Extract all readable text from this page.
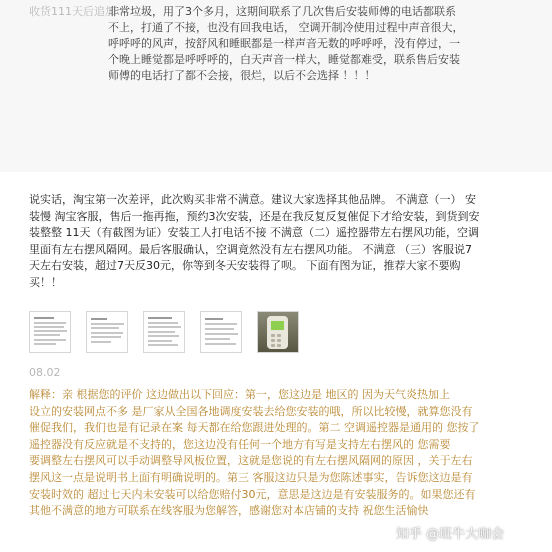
收货111天后追加：
非常垃圾，用了3个多月，这期间联系了几次售后安装师傅的电话都联系
不上，打通了不接，也没有回我电话， 空调开制冷使用过程中声音很大，
呼呼呼的风声，按舒风和睡眠都是一样声音无数的呼呼呼，没有停过，一
个晚上睡觉都是呼呼呼的，白天声音一样大，睡觉都难受，联系售后安装
师傅的电话打了都不会接，很烂，以后不会选择 ！！！
说实话，淘宝第一次差评，此次购买非常不满意。建议大家选择其他品牌。 不满意（一） 安
装慢 淘宝客服，售后一拖再拖，预约3次安装，还是在我反复反复催促下才给安装，到货到安
装整整 11天（有截图为证）安装工人打电话不接 不满意（二）遥控器带左右摆风功能，空调
里面有左右摆风隔网。最后客服确认，空调竟然没有左右摆风功能。 不满意 （三）客服说7
天左右安装，超过7天反30元，你等到冬天安装得了呗。 下面有图为证，推荐大家不要购
买！！
08.02
解释：亲 根据您的评价 这边做出以下回应：第一，您这边是 地区的 因为天气炎热加上
设立的安装网点不多 是厂家从全国各地调度安装去给您安装的哦，所以比较慢，就算您没有
催促我们，我们也是有记录在案 每天都在给您跟进处理的。第二 空调遥控器是通用的 您按了
遥控器没有反应就是不支持的，您这边没有任何一个地方有写是支持左右摆风的 您需要
要调整左右摆风可以手动调整导风板位置，这就是您说的有左右摆风隔网的原因 ，关于左右
摆风这一点是说明书上面有明确说明的。第三 客服这边只是为您陈述事实，告诉您这边是有
安装时效的 超过七天内未安装可以给您赔付30元，意思是这边是有安装服务的。如果您还有
其他不满意的地方可联系在线客服为您解答，感谢您对本店铺的支持 祝您生活愉快
知乎 @班牛大咖会
